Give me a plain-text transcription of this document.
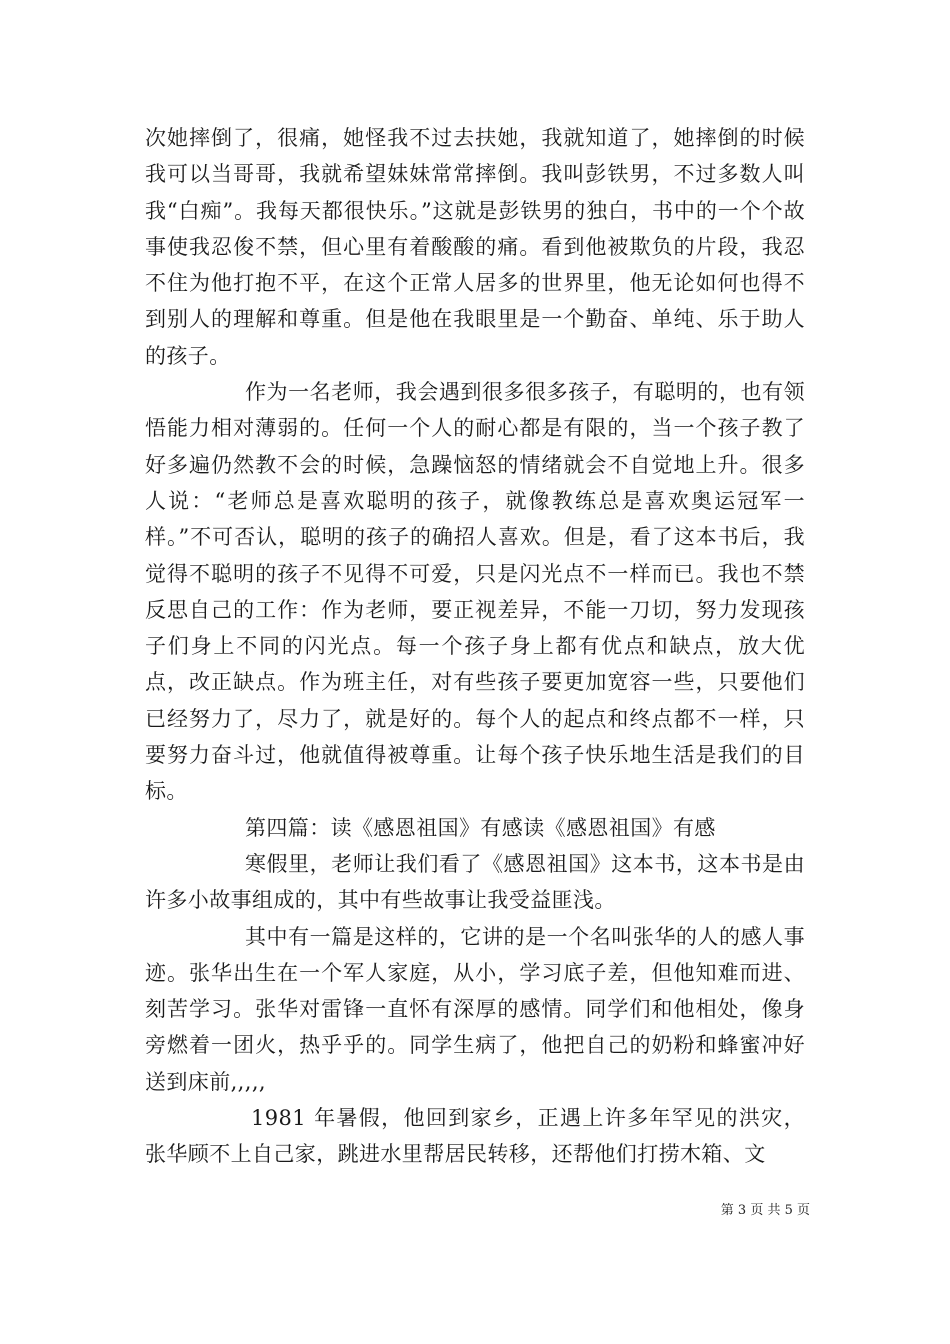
次她摔倒了，很痛，她怪我不过去扶她，我就知道了，她摔倒的时候我可以当哥哥，我就希望妹妹常常摔倒。我叫彭铁男，不过多数人叫我“白痴”。我每天都很快乐。”这就是彭铁男的独白，书中的一个个故事使我忍俊不禁，但心里有着酸酸的痛。看到他被欺负的片段，我忍不住为他打抱不平，在这个正常人居多的世界里，他无论如何也得不到别人的理解和尊重。但是他在我眼里是一个勤奋、单纯、乐于助人的孩子。

作为一名老师，我会遇到很多很多孩子，有聪明的，也有领悟能力相对薄弱的。任何一个人的耐心都是有限的，当一个孩子教了好多遍仍然教不会的时候，急躁恼怒的情绪就会不自觉地上升。很多人说：“老师总是喜欢聪明的孩子，就像教练总是喜欢奥运冠军一样。”不可否认，聪明的孩子的确招人喜欢。但是，看了这本书后，我觉得不聪明的孩子不见得不可爱，只是闪光点不一样而已。我也不禁反思自己的工作：作为老师，要正视差异，不能一刀切，努力发现孩子们身上不同的闪光点。每一个孩子身上都有优点和缺点，放大优点，改正缺点。作为班主任，对有些孩子要更加宽容一些，只要他们已经努力了，尽力了，就是好的。每个人的起点和终点都不一样，只要努力奋斗过，他就值得被尊重。让每个孩子快乐地生活是我们的目标。

第四篇：读《感恩祖国》有感读《感恩祖国》有感

寒假里，老师让我们看了《感恩祖国》这本书，这本书是由许多小故事组成的，其中有些故事让我受益匪浅。

其中有一篇是这样的，它讲的是一个名叫张华的人的感人事迹。张华出生在一个军人家庭，从小，学习底子差，但他知难而进、刻苦学习。张华对雷锋一直怀有深厚的感情。同学们和他相处，像身旁燃着一团火，热乎乎的。同学生病了，他把自己的奶粉和蜂蜜冲好送到床前,,,,,

1981 年暑假，他回到家乡，正遇上许多年罕见的洪灾，张华顾不上自己家，跳进水里帮居民转移，还帮他们打捞木箱、文

第 3 页 共 5 页
